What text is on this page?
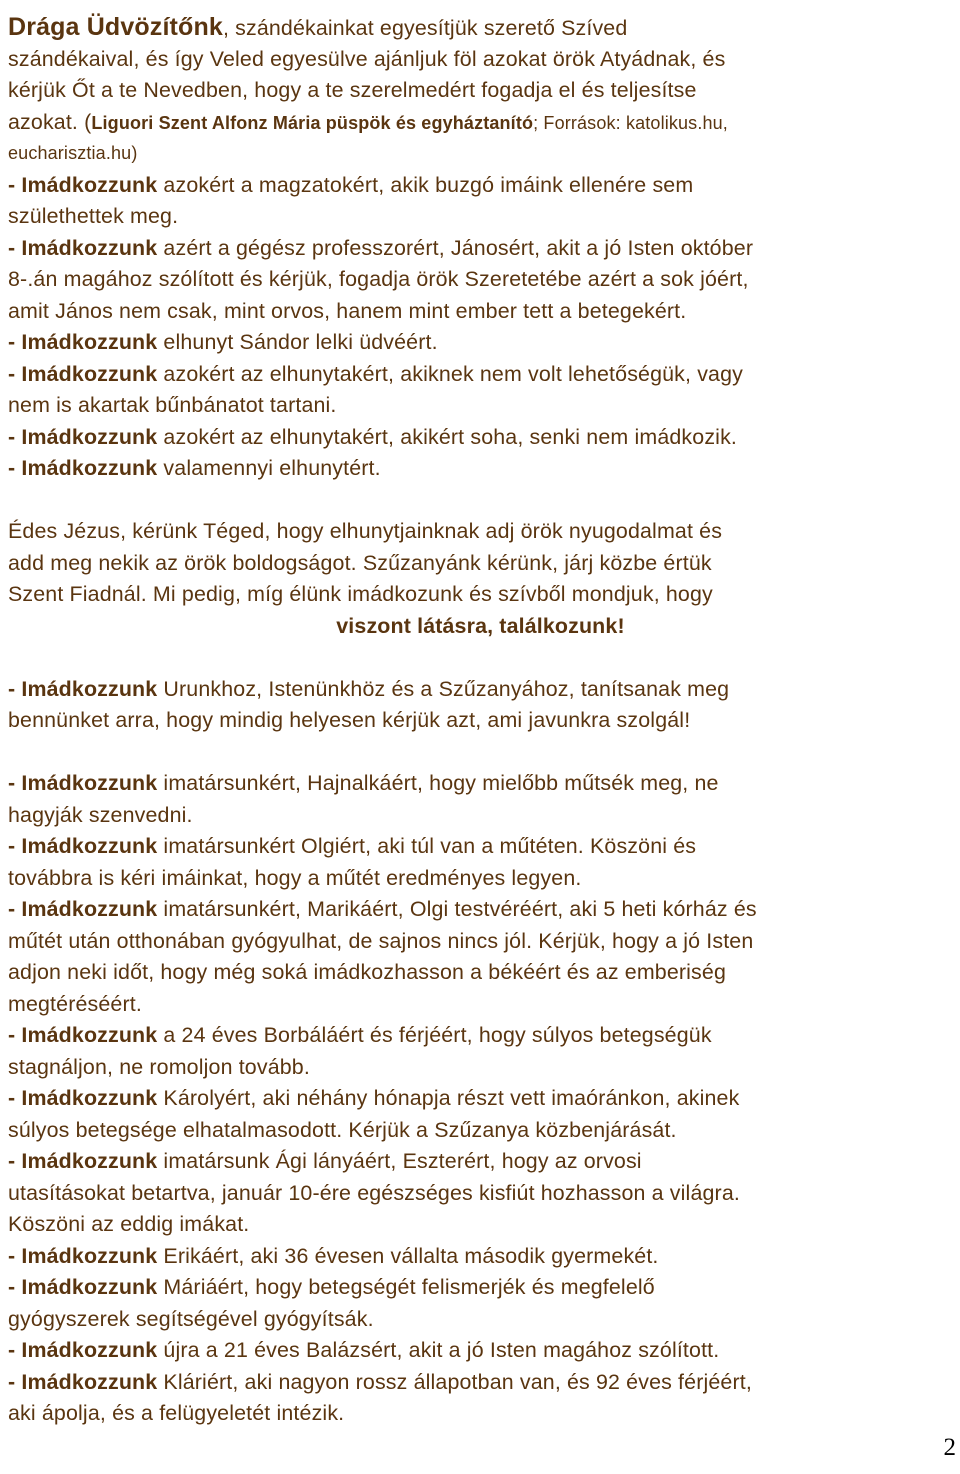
Drága Üdvözítőnk, szándékainkat egyesítjük szerető Szíved
szándékaival, és így Veled egyesülve ajánljuk föl azokat örök Atyádnak, és
kérjük Őt a te Nevedben, hogy a te szerelmedért fogadja el és teljesítse
azokat. (Liguori Szent Alfonz Mária püspök és egyháztanító; Források: katolikus.hu,
eucharisztia.hu)
- Imádkozzunk azokért a magzatokért, akik buzgó imáink ellenére sem
születhettek meg.
- Imádkozzunk azért a gégész professzorért, Jánosért, akit a jó Isten október
8-.án magához szólított és kérjük, fogadja örök Szeretetébe azért a sok jóért,
amit János nem csak, mint orvos, hanem mint ember tett a betegekért.
- Imádkozzunk elhunyt Sándor lelki üdvéért.
- Imádkozzunk azokért az elhunytakért, akiknek nem volt lehetőségük, vagy
nem is akartak bűnbánatot tartani.
- Imádkozzunk azokért az elhunytakért, akikért soha, senki nem imádkozik.
- Imádkozzunk valamennyi elhunytért.
Édes Jézus, kérünk Téged, hogy elhunytjainknak adj örök nyugodalmat és
add meg nekik az örök boldogságot. Szűzanyánk kérünk, járj közbe értük
Szent Fiadnál. Mi pedig, míg élünk imádkozunk és szívből mondjuk, hogy
viszont látásra, találkozunk!
- Imádkozzunk Urunkhoz, Istenünkhöz és a Szűzanyához, tanítsanak meg
bennünket arra, hogy mindig helyesen kérjük azt, ami javunkra szolgál!
- Imádkozzunk imatársunkért, Hajnalkáért, hogy mielőbb műtsék meg, ne
hagyják szenvedni.
- Imádkozzunk imatársunkért Olgiért, aki túl van a műtéten. Köszöni és
továbbra is kéri imáinkat, hogy a műtét eredményes legyen.
- Imádkozzunk imatársunkért, Marikáért, Olgi testvéréért, aki 5 heti kórház és
műtét után otthonában gyógyulhat, de sajnos nincs jól. Kérjük, hogy a jó Isten
adjon neki időt, hogy még soká imádkozhasson a békéért és az emberiség
megtéréséért.
- Imádkozzunk a 24 éves Borbáláért és férjéért, hogy súlyos betegségük
stagnáljon, ne romoljon tovább.
- Imádkozzunk Károlyért, aki néhány hónapja részt vett imaóránkon, akinek
súlyos betegsége elhatalmasodott. Kérjük a Szűzanya közbenjárását.
- Imádkozzunk imatársunk Ági lányáért, Eszterért, hogy az orvosi
utasításokat betartva, január 10-ére egészséges kisfiút hozhasson a világra.
Köszöni az eddig imákat.
- Imádkozzunk Erikáért, aki 36 évesen vállalta második gyermekét.
- Imádkozzunk Máriáért, hogy betegségét felismerjék és megfelelő
gyógyszerek segítségével gyógyítsák.
- Imádkozzunk újra a 21 éves Balázsért, akit a jó Isten magához szólított.
- Imádkozzunk Kláriért, aki nagyon rossz állapotban van, és 92 éves férjéért,
aki ápolja, és a felügyeletét intézik.
2
